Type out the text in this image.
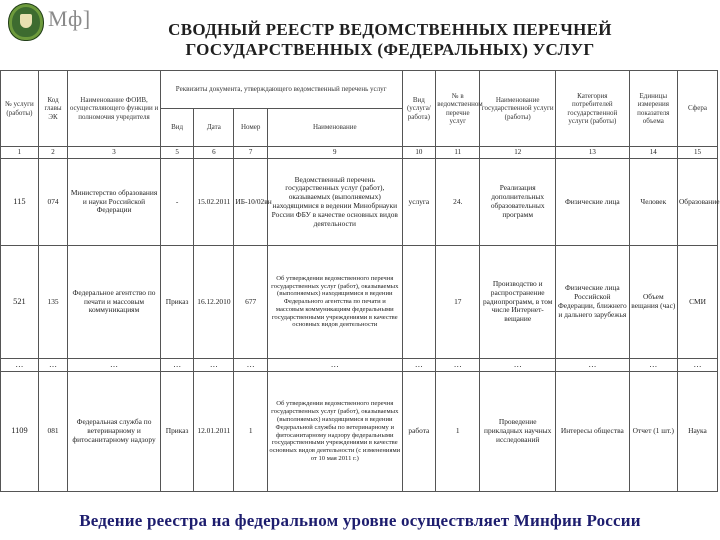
Мф]	СВОДНЫЙ РЕЕСТР ВЕДОМСТВЕННЫХ ПЕРЕЧНЕЙ
ГОСУДАРСТВЕННЫХ (ФЕДЕРАЛЬНЫХ) УСЛУГ
№ услуги (работы)	Код главы ЭК	Наименование ФОИВ, осуществляющего функции и полномочия учредителя	Реквизиты документа, утверждающего ведомственный перечень услуг				Вид (услуга/работа)	№ в ведомственном перечне услуг	Наименование государственной услуги (работы)	Категория потребителей государственной услуги (работы)	Единицы измерения показателя объема	Сфера
			Вид	Дата	Номер	Наименование						
1	2	3	5	6	7	9	10	11	12	13	14	15
115	074	Министерство образования и науки Российской Федерации	-	15.02.2011	ИБ-10/02вн	Ведомственный перечень государственных услуг (работ), оказываемых (выполняемых) находящимися в ведении Минобрнауки России ФБУ в качестве основных видов деятельности	услуга	24.	Реализация дополнительных образовательных программ	Физические лица	Человек	Образование
521	135	Федеральное агентство по печати и массовым коммуникациям	Приказ	16.12.2010	677	Об утверждении ведомственного перечня государственных услуг (работ), оказываемых (выполняемых) находящимися в ведении Федерального агентства по печати и массовым коммуникациям федеральными государственными учреждениями в качестве основных видов деятельности		17	Производство и распространение радиопрограмм, в том числе Интернет-вещание	Физические лица Российской Федерации, ближнего и дальнего зарубежья	Объем вещания (час)	СМИ
…	…	…	…	…	…	…	…	…	…	…	…	…
1109	081	Федеральная служба по ветеринарному и фитосанитарному надзору	Приказ	12.01.2011	1	Об утверждении ведомственного перечня государственных услуг (работ), оказываемых (выполняемых) находящимися в ведении Федеральной службы по ветеринарному и фитосанитарному надзору федеральными государственными учреждениями в качестве основных видов деятельности (с изменениями от 10 мая 2011 г.)	работа	1	Проведение прикладных научных исследований	Интересы общества	Отчет (1 шт.)	Наука
Ведение реестра на федеральном уровне осуществляет Минфин России
